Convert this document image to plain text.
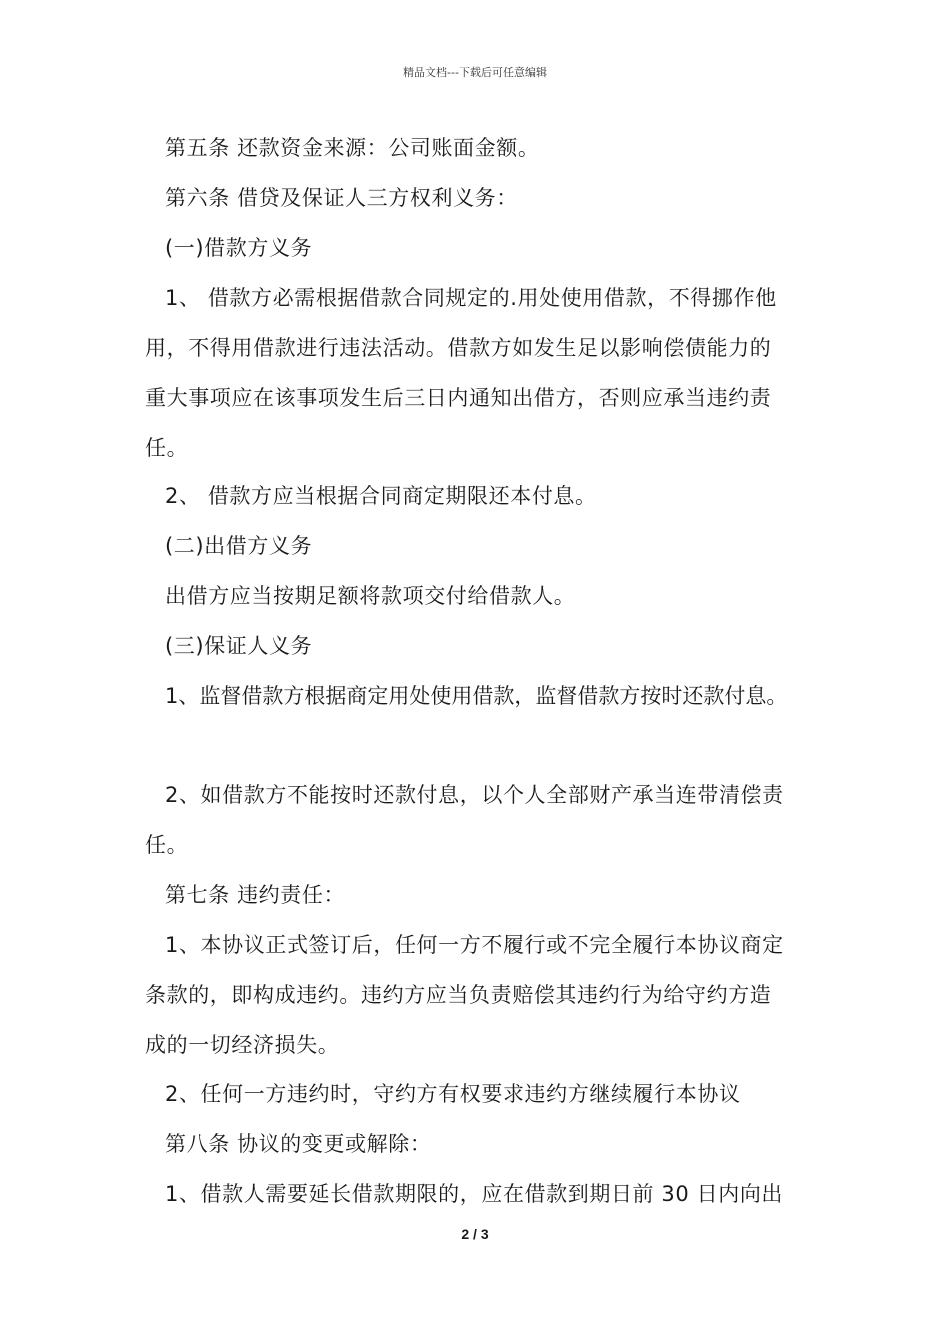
精品文档---下载后可任意编辑
第五条 还款资金来源：公司账面金额。
第六条 借贷及保证人三方权利义务：
(一)借款方义务
1、 借款方必需根据借款合同规定的.用处使用借款，不得挪作他
用，不得用借款进行违法活动。借款方如发生足以影响偿债能力的
重大事项应在该事项发生后三日内通知出借方，否则应承当违约责
任。
2、 借款方应当根据合同商定期限还本付息。
(二)出借方义务
出借方应当按期足额将款项交付给借款人。
(三)保证人义务
1、监督借款方根据商定用处使用借款，监督借款方按时还款付息。
2、如借款方不能按时还款付息，以个人全部财产承当连带清偿责
任。
第七条 违约责任：
1、本协议正式签订后，任何一方不履行或不完全履行本协议商定
条款的，即构成违约。违约方应当负责赔偿其违约行为给守约方造
成的一切经济损失。
2、任何一方违约时，守约方有权要求违约方继续履行本协议
第八条 协议的变更或解除：
1、借款人需要延长借款期限的，应在借款到期日前 30 日内向出
2 / 3
